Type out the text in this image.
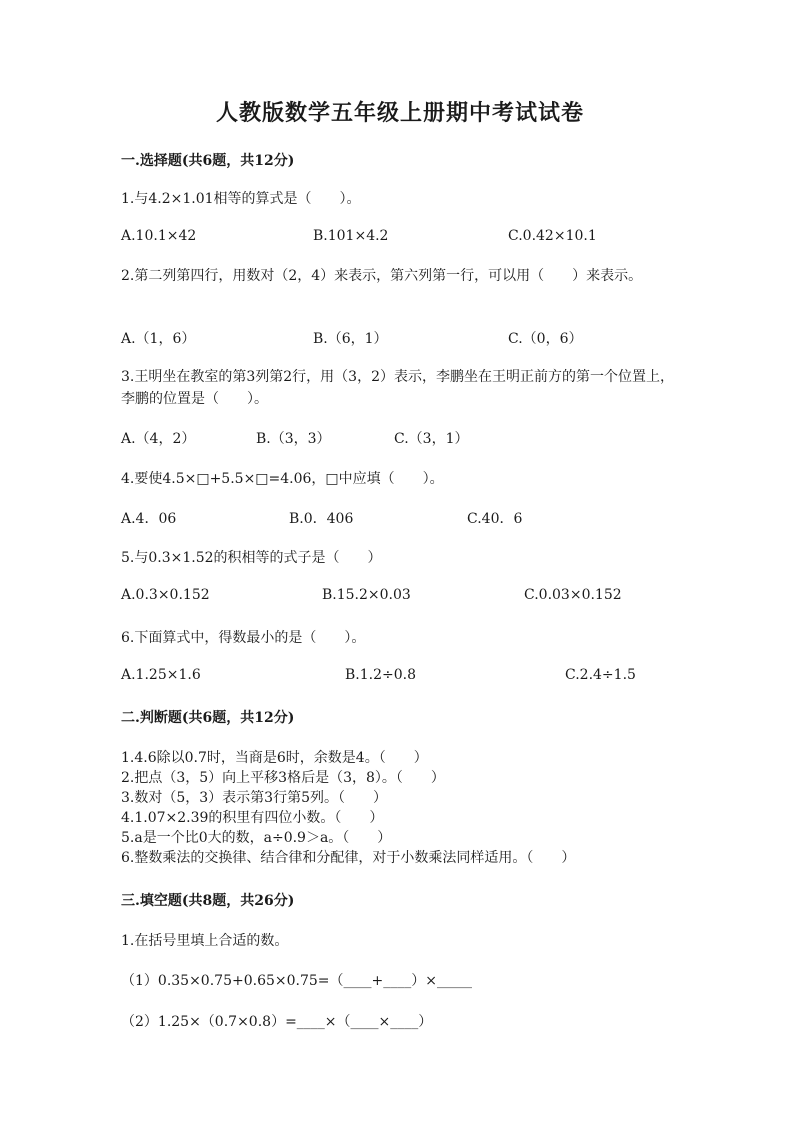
人教版数学五年级上册期中考试试卷
一.选择题(共6题，共12分)
1.与4.2×1.01相等的算式是（　　）。
A.10.1×42	B.101×4.2	C.0.42×10.1
2.第二列第四行，用数对（2，4）来表示，第六列第一行，可以用（　　）来表示。
A.（1，6）	B.（6，1）	C.（0，6）
3.王明坐在教室的第3列第2行，用（3，2）表示，李鹏坐在王明正前方的第一个位置上，李鹏的位置是（　　）。
A.（4，2）	B.（3，3）	C.（3，1）
4.要使4.5×□+5.5×□=4.06，□中应填（　　）。
A.4．06	B.0．406	C.40．6
5.与0.3×1.52的积相等的式子是（　　）
A.0.3×0.152	B.15.2×0.03	C.0.03×0.152
6.下面算式中，得数最小的是（　　）。
A.1.25×1.6	B.1.2÷0.8	C.2.4÷1.5
二.判断题(共6题，共12分)
1.4.6除以0.7时，当商是6时，余数是4。（　　）
2.把点（3，5）向上平移3格后是（3，8）。（　　）
3.数对（5，3）表示第3行第5列。（　　）
4.1.07×2.39的积里有四位小数。（　　）
5.a是一个比0大的数，a÷0.9＞a。（　　）
6.整数乘法的交换律、结合律和分配律，对于小数乘法同样适用。（　　）
三.填空题(共8题，共26分)
1.在括号里填上合适的数。
（1）0.35×0.75+0.65×0.75=（____+____）×_____
（2）1.25×（0.7×0.8）=____×（____×____）
